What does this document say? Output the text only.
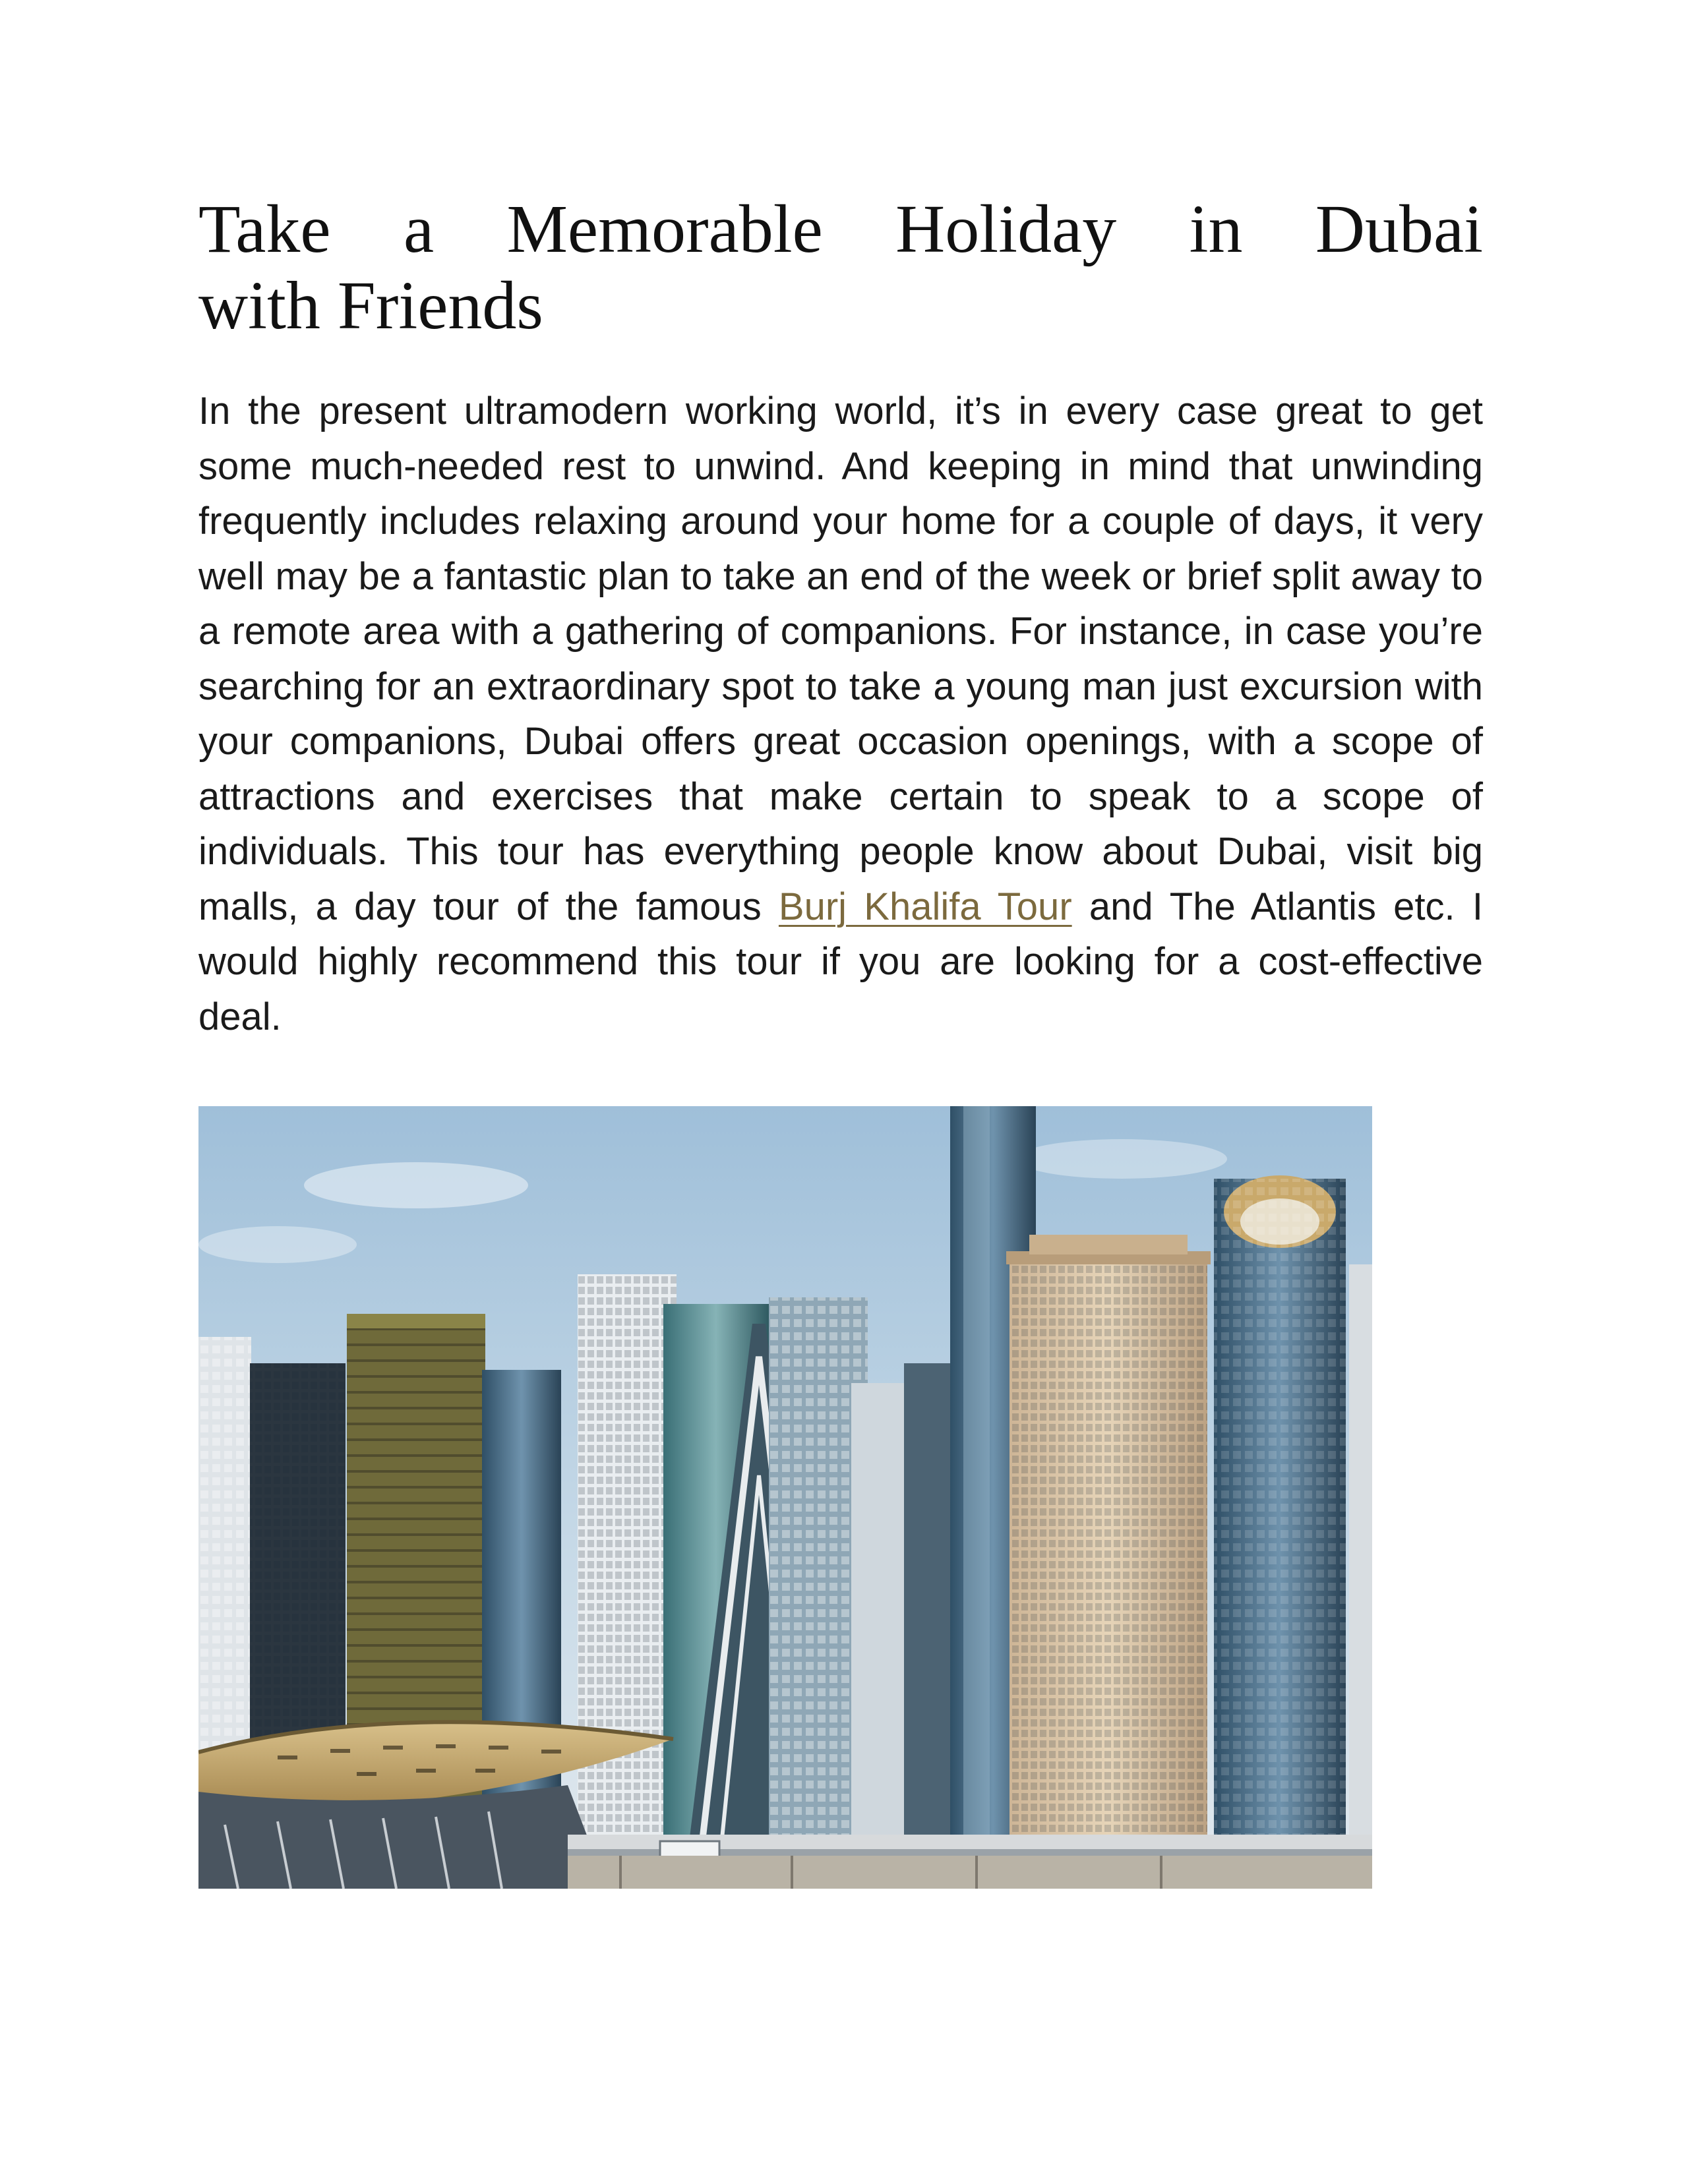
Take a Memorable Holiday in Dubai
with Friends

In the present ultramodern working world, it’s in every case great to get some much-needed rest to unwind. And keeping in mind that unwinding frequently includes relaxing around your home for a couple of days, it very well may be a fantastic plan to take an end of the week or brief split away to a remote area with a gathering of companions. For instance, in case you’re searching for an extraordinary spot to take a young man just excursion with your companions, Dubai offers great occasion openings, with a scope of attractions and exercises that make certain to speak to a scope of individuals. This tour has everything people know about Dubai, visit big malls, a day tour of the famous Burj Khalifa Tour and The Atlantis etc. I would highly recommend this tour if you are looking for a cost-effective deal.
